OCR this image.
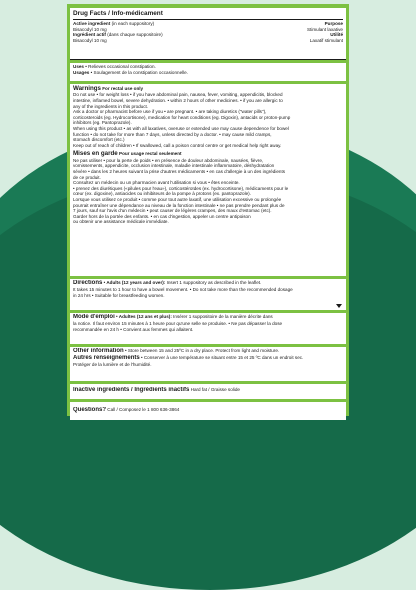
Drug Facts / Info-médicament
Active ingredient (in each suppository)	Purpose
Bisacodyl 10 mg	Stimulant laxative
Ingrédient actif (dans chaque suppositoire)	Utilité
Bisacodyl 10 mg	Laxatif stimulant
Uses • Relieves occasional constipation.
Usages • Soulagement de la constipation occasionnelle.
Warnings For rectal use only
Do not use • for weight loss • if you have abdominal pain, nausea, fever, vomiting, appendicitis, blocked
intestine, inflamed bowel, severe dehydration. • within 2 hours of other medicines. • if you are allergic to
any of the ingredients in this product.
Ask a doctor or pharmacist before use if you • are pregnant. • are taking diuretics ("water pills"),
corticosteroids (eg. Hydrocortisone), medication for heart conditions (eg. Digoxin), antacids or proton-pump
inhibitors (eg. Pantoprazole).
When using this product • as with all laxatives, overuse or extended use may cause dependence for bowel
function • do not take for more than 7 days, unless directed by a doctor. • may cause mild cramps,
stomach discomfort (etc.)
Keep out of reach of children • If swallowed, call a poison control centre or get medical help right away.
Mises en garde Pour usage rectal seulement
Ne pas utiliser • pour la perte de poids • en présence de douleur abdominale, nausées, fièvre,
vomissements, appendicite, occlusion intestinale, maladie intestinale inflammatoire, déshydratation
sévère • dans les 2 heures suivant la prise d'autres médicaments • en cas d'allergie à un des ingrédients
de ce produit.
Consultez un médecin ou un pharmacien avant l'utilisation si vous • êtes enceinte.
• prenez des diurétiques («pilules pour l'eau»), corticostéroïdes (ex. hydrocortisone), médicaments pour le
cœur (ex. digoxine), antiacides ou inhibiteurs de la pompe à protons (ex. pantoprazole).
Lorsque vous utilisez ce produit • comme pour tout autre laxatif, une utilisation excessive ou prolongée
pourrait entraîner une dépendance au niveau de la fonction intestinale • ne pas prendre pendant plus de
7 jours, sauf sur l'avis d'un médecin • peut causer de légères crampes, des maux d'estomac (etc).
Garder hors de la portée des enfants. • en cas d'ingestion, appeler un centre antipoison
ou obtenir une assistance médicale immédiate.
Directions • Adults (12 years and over): Insert 1 suppository as described in the leaflet.
It takes 15 minutes to 1 hour to have a bowel movement. • Do not take more than the recommended dosage
in 24 hrs • Suitable for breastfeeding women.
Mode d'emploi • Adultes (12 ans et plus): Insérer 1 suppositoire de la manière décrite dans
la notice. Il faut environ 15 minutes à 1 heure pour qu'une selle se produise. • Ne pas dépasser la dose
recommandée en 24 h • Convient aux femmes qui allaitent.
Other information • Store between 15 and 25ºC in a dry place. Protect from light and moisture.
Autres renseignements • Conserver à une température se situant entre 15 et 25 ºC dans un endroit sec.
Protéger de la lumière et de l'humidité.
Inactive ingredients / Ingrédients inactifs Hard fat / Graisse solide
Questions? Call / Composez le 1 800 636-3864
